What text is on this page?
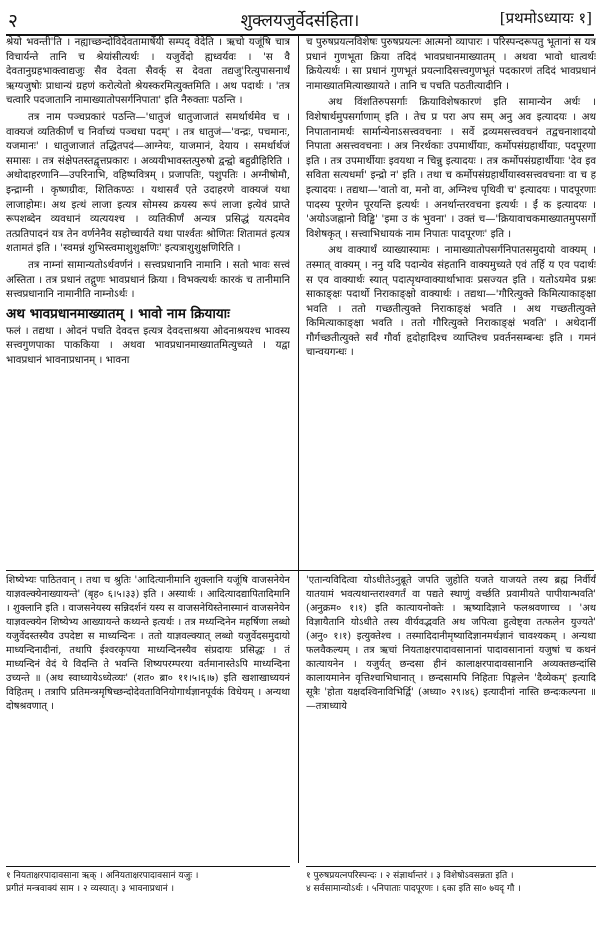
२	शुक्लयजुर्वेदसंहिता।	[प्रथमोऽध्यायः १]

श्रेयो भवन्ती'ति । नह्याच्छन्दोविदेवतामार्षेयी सम्पद् वेदेति । ऋचो यजूंषि चात्र विचार्यन्ते तानि च श्रेयांसीत्यर्थः । यजुर्वेदो ह्यध्वर्यवः । 'स वै देवतानुग्रहभाक्त्वाद्यजुः सैव देवता सैवर्क् स देवता तद्यजु'रित्युपासनार्थं ऋग्यजुषोः प्राधान्यं ग्रहणं करोत्येतो श्रेयस्करमित्युक्तमिति । अथ पदार्थः । 'तत्र चत्वारि पदजातानि नामाख्यातोपसर्गनिपाता' इति नैरुक्ताः पठन्ति ।

तत्र नाम पञ्चप्रकारं पठन्ति—'धातुजं धातुजाजातं समर्थार्थमेव च । वाक्यजं व्यतिकीर्णं च निर्वाच्यं पञ्चधा पदम्' । तत्र धातुजं—'वन्द्रः, पचमानः, यजमानः' । धातुजाजातं तद्धितपदं—आग्नेयः, याजमानं, देयाय । समर्थार्थजं समासः । तत्र संक्षेपतस्तद्वृत्तप्रकारः । अव्ययीभावस्तत्पुरुषो द्वन्द्वो बहुव्रीहिरिति । अथोदाहरणानि—उपरिनाभि, वहिष्पवित्रम् । प्रजापतिः, पशुपतिः । अग्नीषोमौ, इन्द्राग्नी । कृष्णग्रीवः, शितिकण्ठः । यथासर्वं एते उदाहरणे वाक्यजं यथा लाजाहोमः। अथ इत्थं लाजा इत्यत्र सोमस्य क्रयस्य रूपं लाजा इत्येवं प्राप्ते रूपशब्देन व्यवधानं व्यत्ययश्च । व्यतिकीर्णं अन्यत्र प्रसिद्धं यत्पदमेव तत्प्रतिपादनं यत्र तेन वर्णनेनैव सहोच्चार्यते यथा पार्श्वतः श्रोणितः शितामतं इत्यत्र शतामतं इति । 'स्वमन्नं शुभिस्त्वमाशुशुक्षणिः' इत्यत्राशुशुक्षणिरिति ।

तत्र नाम्नां सामान्यतोऽर्थवर्णनं । सत्त्वप्रधानानि नामानि । सतो भावः सत्त्वं अस्तिता । तत्र प्रधानं तद्गुणः भावप्रधानं क्रिया । विभक्त्यर्थः कारकं च तानीमानि सत्त्वप्रधानानि नामानीति नाम्नोऽर्थः ।

अथ भावप्रधानमाख्यातम् । भावो नाम क्रियायाः

फलं । तद्यथा । ओदनं पचति देवदत्त इत्यत्र देवदत्ताश्रया ओदनाश्रयश्च भावस्य सत्त्वगुणपाका पाककिया । अथवा भावप्रधानमाख्यातमित्युच्यते । यद्वा भावप्रधानं भावनाप्रधानम् । भावना

च पुरुषप्रयत्नविशेषः पुरुषप्रयत्नः आत्मनो व्यापारः । परिस्पन्दरूपतु भूतानां स यत्र प्रधानं गुणभूता क्रिया तदिदं भावप्रधानमाख्यातम् । अथवा भावो धात्वर्थः क्रियेत्यर्थः । सा प्रधानं गुणभूतं प्रयत्नादिसत्त्वगुणभूतं पदकारणं तदिदं भावप्रधानं नामाख्यातमित्याख्यायते । तानि च पचति पठतीत्यादीनि ।

अथ विंशतिरुपसर्गाः क्रियाविशेषकारणं इति सामान्येन अर्थः । विशेषार्थमुपसर्गाणाम् इति । तेच प्र परा अप सम् अनु अव इत्यादयः । अथ निपातानामर्थः सार्मान्येनाऽसत्त्ववचनाः । सर्वे द्रव्यमसत्त्ववचनं तद्वचनाशादयो निपाता असत्त्ववचनाः । अत्र निरर्थकाः उपमार्थीयाः, कर्मोपसंग्रहार्थीयाः, पदपूरणा इति । तत्र उपमार्थीयाः इवयथा न चिन्नु इत्यादयः । तत्र कर्मोपसंग्रहार्थीयाः 'देव इव सविता सत्यधर्मा' इन्द्रो न' इति । तथा च कर्मोपसंग्रहार्थीयास्वसत्त्ववचनाः वा च ह इत्यादयः । तद्यथा—'वातो वा, मनो वा, अग्निश्च पृथिवी च' इत्यादयः । पादपूरणाः पादस्य पूरणेन पूरयन्ति इत्यर्थः । अनर्थान्तरवचना इत्यर्थः । ईं क इत्यादयः । 'अयोऽजह्नानो विड्ढि' 'इमा उ कं भुवना' । उक्तं च—'क्रियावाचकमाख्यातमुपसर्गो विशेषकृत् । सत्त्वाभिधायकं नाम निपातः पादपूरणः' इति ।

अथ वाक्यार्थं व्याख्यास्यामः । नामाख्यातोपसर्गनिपातसमुदायो वाक्यम् । तस्मात् वाक्यम् । ननु यदि पदान्येव संहतानि वाक्यमुच्यते एवं तर्हि य एव पदार्थः स एव वाक्यार्थः स्यात् पदात्पृथग्वाक्यार्थाभावः प्रसज्यत इति । यतोऽयमेव प्रश्नः साकाङ्क्षः पदार्थो निराकाङ्क्षो वाक्यार्थः । तद्यथा—'गौरित्युक्ते किमित्याकाङ्क्षा भवति । ततो गच्छतीत्युक्ते निराकाङ्क्षं भवति । अथ गच्छतीत्युक्ते किमित्याकाङ्क्षा भवति । ततो गौरित्युक्ते निराकाङ्क्षं भवति' । अथेदानीं गौर्गच्छतीत्युक्ते सर्वं गौर्वा हृदोहादिश्च व्याप्तिश्च प्रवर्तनसम्बन्धः इति । गमनं चान्वयगन्धः ।

शिष्येभ्यः पाठितवान् । तथा च श्रुतिः 'आदित्यानीमानि शुक्लानि यजूंषि वाजसनेयेन याज्ञवल्क्येनाख्यायन्ते' (बृह० ६।५।३३) इति । अस्यार्थः । आदित्यादद्यापितादिमानि । शुक्लानि इति । वाजसनेयस्य सन्निदर्शनं यस्य स वाजसनेयिस्तेनास्मानं वाजसनेयेन याज्ञवल्क्येन शिष्येभ्य आख्यायन्ते कथ्यन्ते इत्यर्थः । तत्र मध्यन्दिनेन महर्षिणा लब्धो यजुर्वेदस्तस्यैव उपदेष्टा स माध्यन्दिनः । ततो याज्ञवल्क्यात् लब्धो यजुर्वेदसमुदायो माध्यन्दिनादीनां, तथापि ईश्वरकृपया माध्यन्दिनस्यैव संप्रदायः प्रसिद्धः । तं माध्यन्दिनं वेदं ये विदन्ति ते भवन्ति शिष्यपरम्परया वर्तमानास्तेऽपि माध्यन्दिना उच्यन्ते ॥ (अथ स्वाध्यायेऽध्येत्व्यः' (शत० ब्रा० ११।५।६।७) इति खशाखाध्ययनं विहितम् । तत्रापि प्रतिमन्त्रमृषिच्छन्दोदेवताविनियोगार्थज्ञानपूर्वकं विधेयम् । अन्यथा दोषश्रवणात् ।

'एतान्यविदित्वा योऽधीतेऽनुब्रूते जपति जुहोति यजते याजयते तस्य ब्रह्म निर्वीर्यं यातयामं भवत्यथान्तराश्वगर्तं वा पद्यते स्थाणुं वर्च्छति प्रवामीयते पापीयान्भवति' (अनुक्रम० १।१) इति कात्यायनोक्तेः । ऋष्यादिज्ञाने फलश्रवणाच्च । 'अथ विज्ञायैतानि योऽधीते तस्य वीर्यवद्भवति अथ जपित्वा हुत्वेष्ट्वा तत्फलेन युज्यते' (अनु० १।१) इत्युक्तेश्च । तस्मादिदानीमृष्यादिज्ञानमर्थज्ञानं चावश्यकम् । अन्यथा फलवैकल्यम् । तत्र ऋचां नियताक्षरपादावसानानां पादावसानानां यजुषां च कथनं कात्यायनेन । यजुर्यत् छन्दसा हीनं कालाक्षरपादावसानानि अव्यक्तछन्दांसि कालायमानेन वृत्तिश्चाभिधानात् । छन्दसामपि निहिताः पिङ्गलेन 'दैव्येकम्' इत्यादि सूत्रैः 'होता यक्षदश्विनाविभिर्द्वि' (अध्या० २९।४६) इत्यादीनां नास्ति छन्दःकल्पना ॥ —तत्राध्याये

१ नियताक्षरपादावसाना ऋक् । अनियताक्षरपादावसानं यजुः ।

प्रगीतं मन्त्रवाक्यं साम । २ व्यस्यात्। ३ भावनाप्रधानं ।

१ पुरुषप्रयत्नपरिस्पन्दः । २ संज्ञार्थान्तरं । ३ विशेषोऽवसन्नता इति ।

४ सर्वसामान्योऽर्थः । ५निपाताः पादपूरणः । ६का इति सा० ७यदृ गौ ।
